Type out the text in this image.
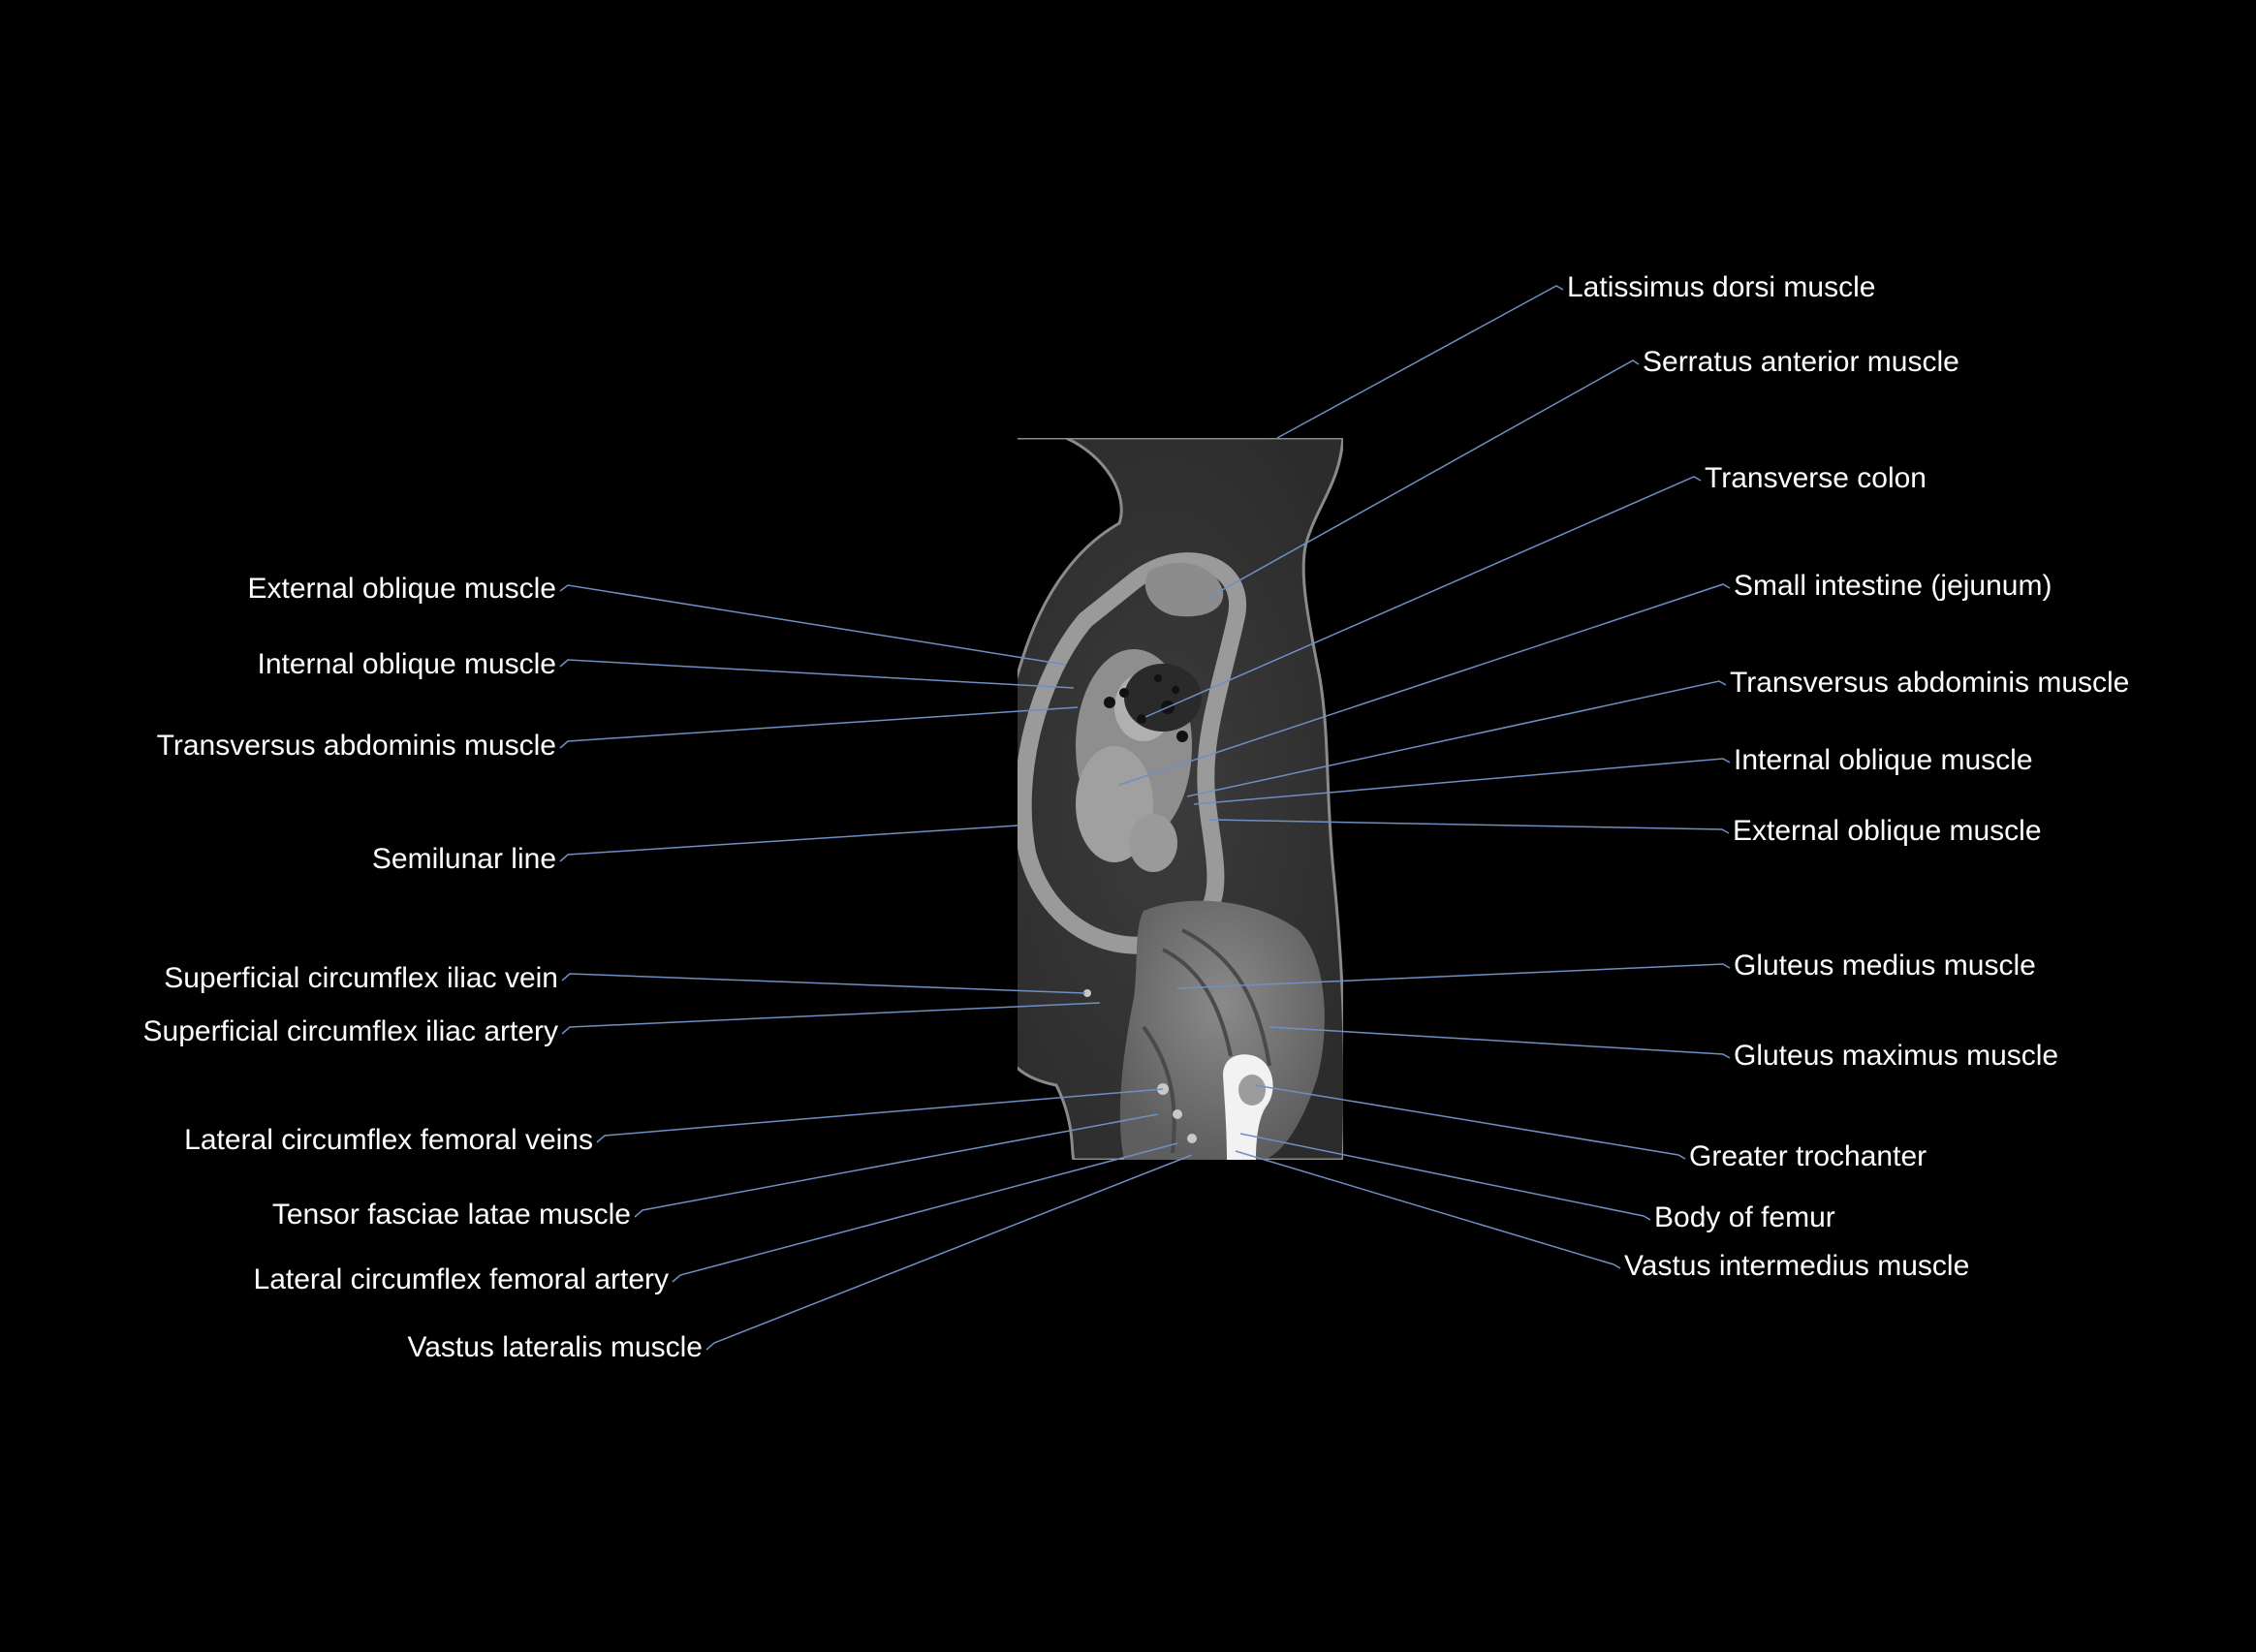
External oblique muscle
Internal oblique muscle
Transversus abdominis muscle
Semilunar line
Superficial circumflex iliac vein
Superficial circumflex iliac artery
Lateral circumflex femoral veins
Tensor fasciae latae muscle
Lateral circumflex femoral artery
Vastus lateralis muscle
Latissimus dorsi muscle
Serratus anterior muscle
Transverse colon
Small intestine (jejunum)
Transversus abdominis muscle
Internal oblique muscle
External oblique muscle
Gluteus medius muscle
Gluteus maximus muscle
Greater trochanter
Body of femur
Vastus intermedius muscle
